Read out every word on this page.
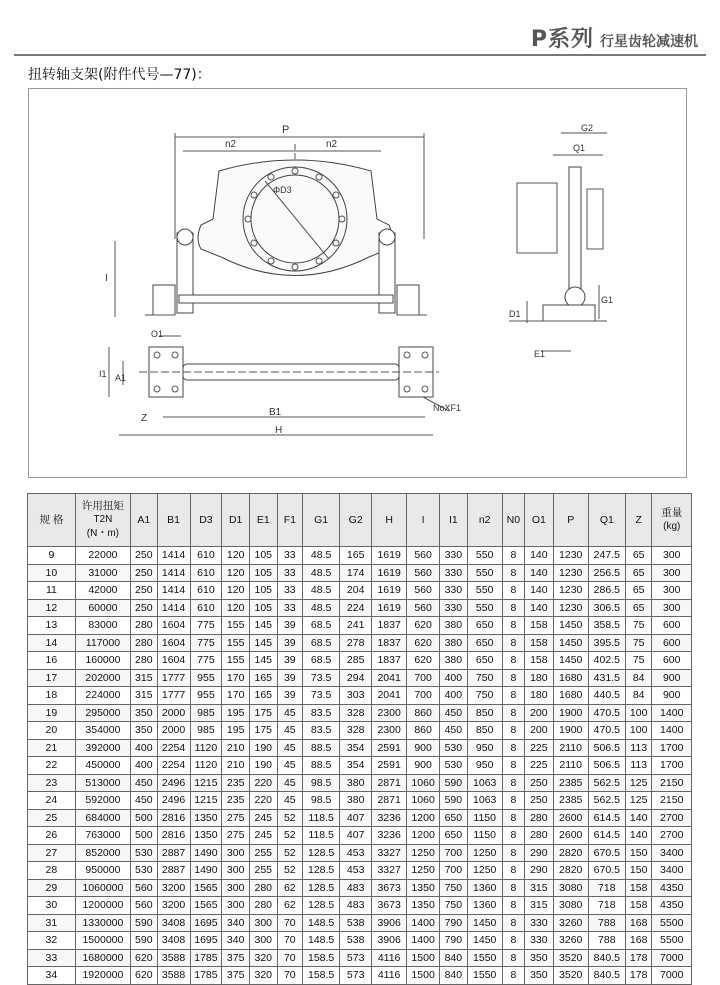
P系列 行星齿轮减速机
扭转轴支架(附件代号—77)：
P
n2	n2
ΦD3
I
O1
I1 A1
Z
B1
H
NoXF1
G2
Q1
G1
D1
E1
规 格	许用扭矩
T2N
(N・m)	A1	B1	D3	D1	E1	F1	G1	G2	H	I	I1	n2	N0	O1	P	Q1	Z	重量
(kg)

9	22000	250	1414	610	120	105	33	48.5	165	1619	560	330	550	8	140	1230	247.5	65	300
10	31000	250	1414	610	120	105	33	48.5	174	1619	560	330	550	8	140	1230	256.5	65	300
11	42000	250	1414	610	120	105	33	48.5	204	1619	560	330	550	8	140	1230	286.5	65	300
12	60000	250	1414	610	120	105	33	48.5	224	1619	560	330	550	8	140	1230	306.5	65	300
13	83000	280	1604	775	155	145	39	68.5	241	1837	620	380	650	8	158	1450	358.5	75	600
14	117000	280	1604	775	155	145	39	68.5	278	1837	620	380	650	8	158	1450	395.5	75	600
16	160000	280	1604	775	155	145	39	68.5	285	1837	620	380	650	8	158	1450	402.5	75	600
17	202000	315	1777	955	170	165	39	73.5	294	2041	700	400	750	8	180	1680	431.5	84	900
18	224000	315	1777	955	170	165	39	73.5	303	2041	700	400	750	8	180	1680	440.5	84	900
19	295000	350	2000	985	195	175	45	83.5	328	2300	860	450	850	8	200	1900	470.5	100	1400
20	354000	350	2000	985	195	175	45	83.5	328	2300	860	450	850	8	200	1900	470.5	100	1400
21	392000	400	2254	1120	210	190	45	88.5	354	2591	900	530	950	8	225	2110	506.5	113	1700
22	450000	400	2254	1120	210	190	45	88.5	354	2591	900	530	950	8	225	2110	506.5	113	1700
23	513000	450	2496	1215	235	220	45	98.5	380	2871	1060	590	1063	8	250	2385	562.5	125	2150
24	592000	450	2496	1215	235	220	45	98.5	380	2871	1060	590	1063	8	250	2385	562.5	125	2150
25	684000	500	2816	1350	275	245	52	118.5	407	3236	1200	650	1150	8	280	2600	614.5	140	2700
26	763000	500	2816	1350	275	245	52	118.5	407	3236	1200	650	1150	8	280	2600	614.5	140	2700
27	852000	530	2887	1490	300	255	52	128.5	453	3327	1250	700	1250	8	290	2820	670.5	150	3400
28	950000	530	2887	1490	300	255	52	128.5	453	3327	1250	700	1250	8	290	2820	670.5	150	3400
29	1060000	560	3200	1565	300	280	62	128.5	483	3673	1350	750	1360	8	315	3080	718	158	4350
30	1200000	560	3200	1565	300	280	62	128.5	483	3673	1350	750	1360	8	315	3080	718	158	4350
31	1330000	590	3408	1695	340	300	70	148.5	538	3906	1400	790	1450	8	330	3260	788	168	5500
32	1500000	590	3408	1695	340	300	70	148.5	538	3906	1400	790	1450	8	330	3260	788	168	5500
33	1680000	620	3588	1785	375	320	70	158.5	573	4116	1500	840	1550	8	350	3520	840.5	178	7000
34	1920000	620	3588	1785	375	320	70	158.5	573	4116	1500	840	1550	8	350	3520	840.5	178	7000
